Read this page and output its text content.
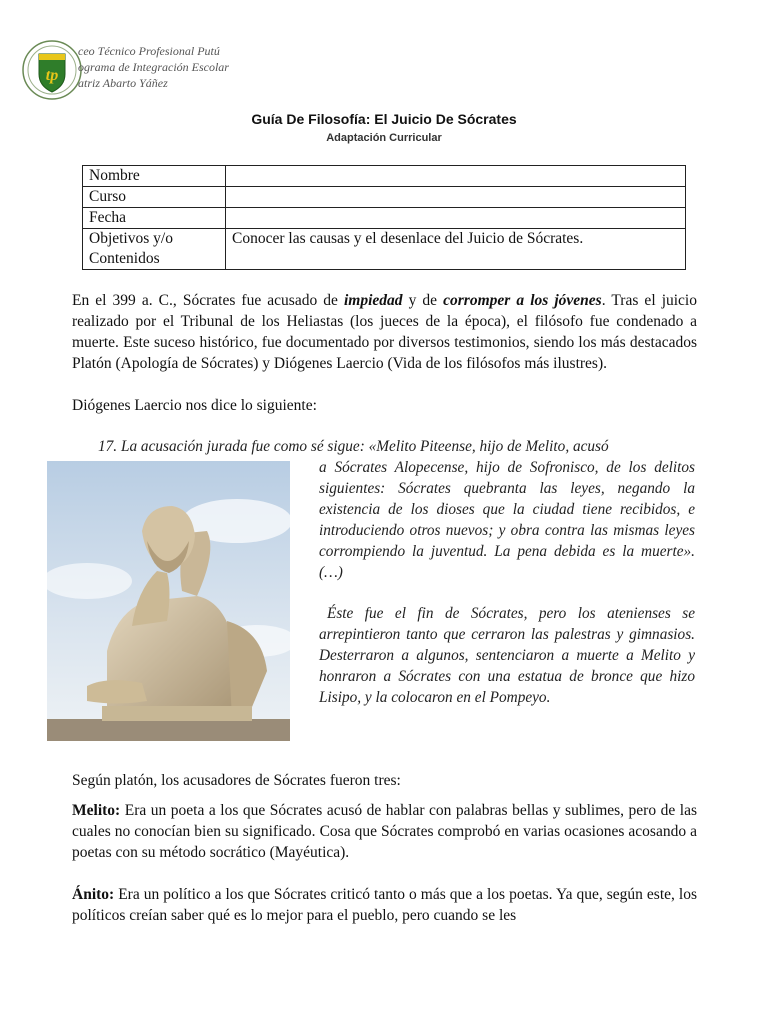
tp
ceo Técnico Profesional Putú
ograma de Integración Escolar
atriz Abarto Yáñez
Guía De Filosofía: El Juicio De Sócrates
Adaptación Curricular
Nombre	
Curso	
Fecha	
Objetivos y/o Contenidos	Conocer las causas y el desenlace del Juicio de Sócrates.
En el 399 a. C., Sócrates fue acusado de impiedad y de corromper a los jóvenes. Tras el juicio realizado por el Tribunal de los Heliastas (los jueces de la época), el filósofo fue condenado a muerte. Este suceso histórico, fue documentado por diversos testimonios, siendo los más destacados Platón (Apología de Sócrates) y Diógenes Laercio (Vida de los filósofos más ilustres).
Diógenes Laercio nos dice lo siguiente:
17. La acusación jurada fue como sé sigue: «Melito Piteense, hijo de Melito, acusó
a Sócrates Alopecense, hijo de Sofronisco, de los delitos siguientes: Sócrates quebranta las leyes, negando la existencia de los dioses que la ciudad tiene recibidos, e introduciendo otros nuevos; y obra contra las mismas leyes corrompiendo la juventud. La pena debida es la muerte». (…)
Éste fue el fin de Sócrates, pero los atenienses se arrepintieron tanto que cerraron las palestras y gimnasios. Desterraron a algunos, sentenciaron a muerte a Melito y honraron a Sócrates con una estatua de bronce que hizo Lisipo, y la colocaron en el Pompeyo.
Según platón, los acusadores de Sócrates fueron tres:
Melito: Era un poeta a los que Sócrates acusó de hablar con palabras bellas y sublimes, pero de las cuales no conocían bien su significado. Cosa que Sócrates comprobó en varias ocasiones acosando a poetas con su método socrático (Mayéutica).
Ánito: Era un político a los que Sócrates criticó tanto o más que a los poetas. Ya que, según este, los políticos creían saber qué es lo mejor para el pueblo, pero cuando se les
